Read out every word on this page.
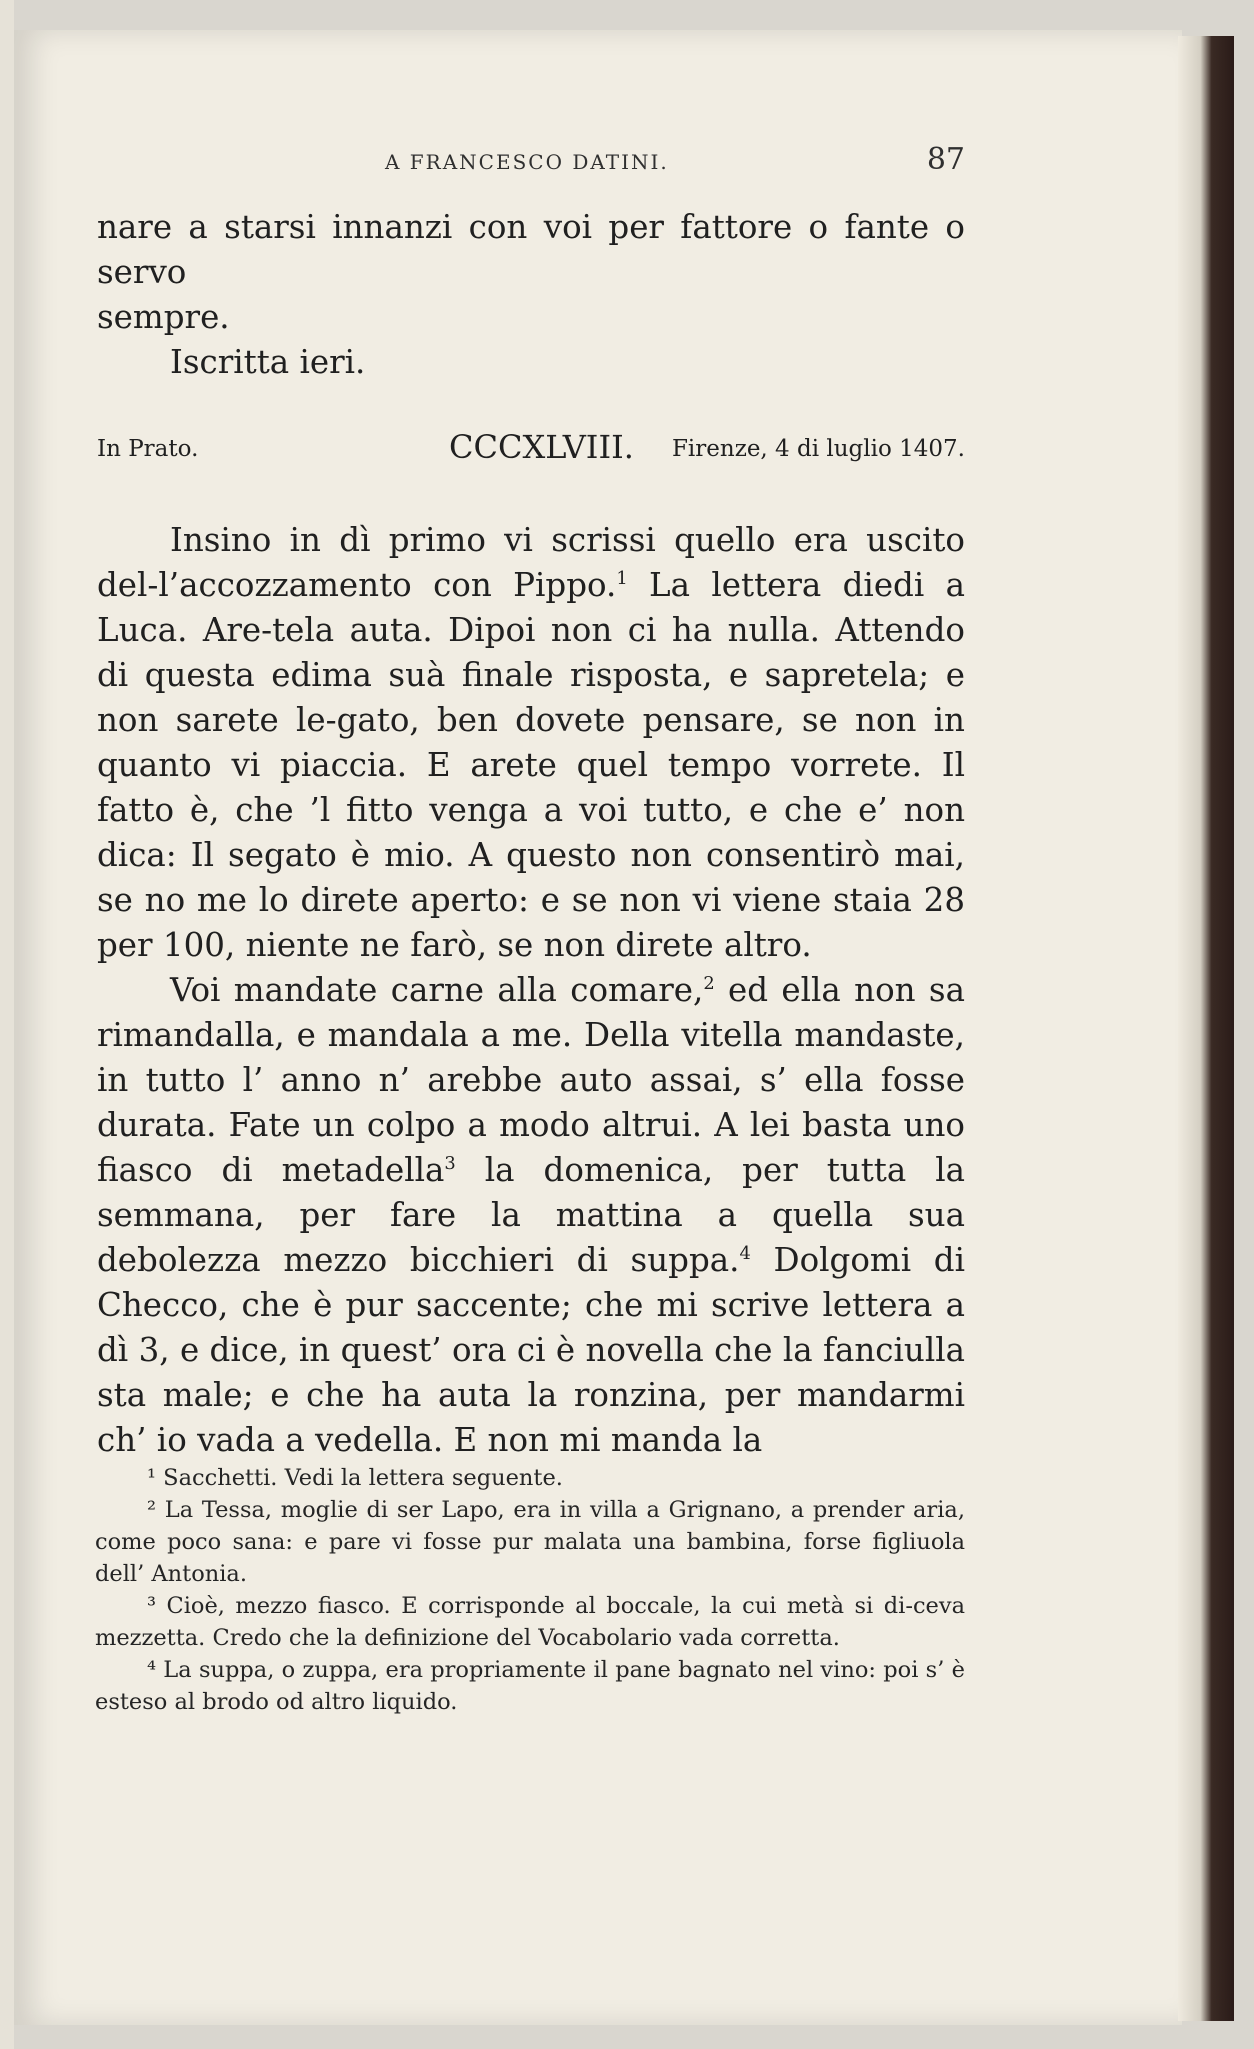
A FRANCESCO DATINI.	87

nare a starsi innanzi con voi per fattore o fante o servo

sempre.

Iscritta ieri.

In Prato.	CCCXLVIII. Firenze, 4 di luglio 1407.

Insino in dì primo vi scrissi quello era uscito del-l’accozzamento con Pippo.$^1$ La lettera diedi a Luca. Are-tela auta. Dipoi non ci ha nulla. Attendo di questa edima suà finale risposta, e sapretela; e non sarete le-gato, ben dovete pensare, se non in quanto vi piaccia. E arete quel tempo vorrete. Il fatto è, che ’l fitto venga a voi tutto, e che e’ non dica: Il segato è mio. A questo non consentirò mai, se no me lo direte aperto: e se non vi viene staia 28 per 100, niente ne farò, se non direte altro.

Voi mandate carne alla comare,$^2$ ed ella non sa rimandalla, e mandala a me. Della vitella mandaste, in tutto l’ anno n’ arebbe auto assai, s’ ella fosse durata. Fate un colpo a modo altrui. A lei basta uno fiasco di metadella$^3$ la domenica, per tutta la semmana, per fare la mattina a quella sua debolezza mezzo bicchieri di suppa.$^4$ Dolgomi di Checco, che è pur saccente; che mi scrive lettera a dì 3, e dice, in quest’ ora ci è novella che la fanciulla sta male; e che ha auta la ronzina, per mandarmi ch’ io vada a vedella. E non mi manda la

¹ Sacchetti. Vedi la lettera seguente.

² La Tessa, moglie di ser Lapo, era in villa a Grignano, a prender aria, come poco sana: e pare vi fosse pur malata una bambina, forse figliuola dell’ Antonia.

³ Cioè, mezzo fiasco. E corrisponde al boccale, la cui metà si di-ceva mezzetta. Credo che la definizione del Vocabolario vada corretta.

⁴ La suppa, o zuppa, era propriamente il pane bagnato nel vino: poi s’ è esteso al brodo od altro liquido.
